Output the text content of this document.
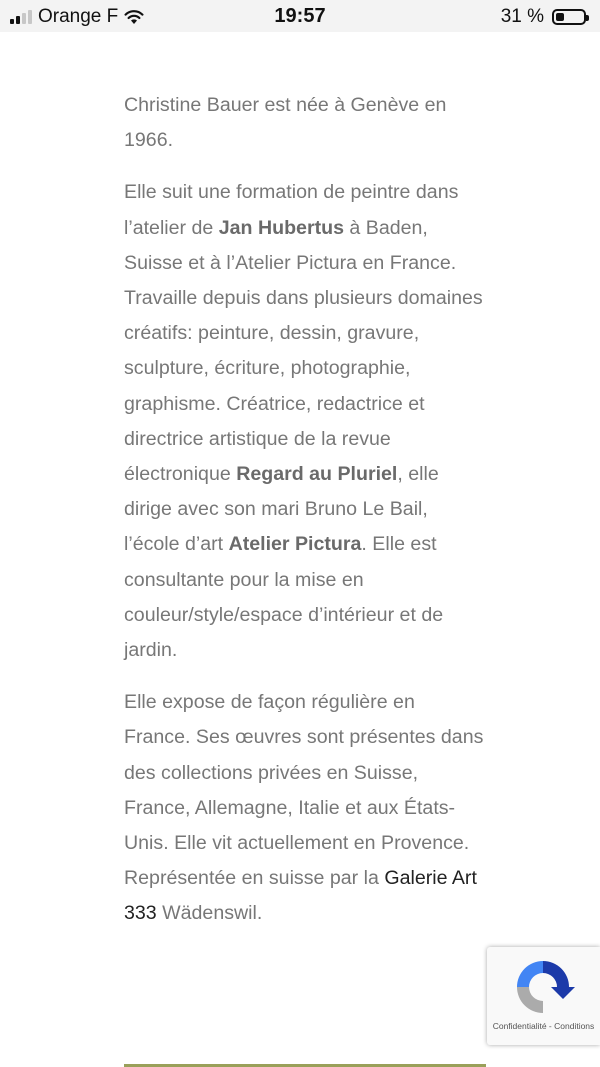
Orange F	19:57	31 %

Christine Bauer est née à Genève en 1966.

Elle suit une formation de peintre dans l’atelier de Jan Hubertus à Baden, Suisse et à l’Atelier Pictura en France. Travaille depuis dans plusieurs domaines créatifs: peinture, dessin, gravure, sculpture, écriture, photographie, graphisme. Créatrice, redactrice et directrice artistique de la revue électronique Regard au Pluriel, elle dirige avec son mari Bruno Le Bail, l’école d’art Atelier Pictura. Elle est consultante pour la mise en couleur/style/espace d’intérieur et de jardin.

Elle expose de façon régulière en France. Ses œuvres sont présentes dans des collections privées en Suisse, France, Allemagne, Italie et aux États-Unis. Elle vit actuellement en Provence. Représentée en suisse par la Galerie Art 333 Wädenswil.

Confidentialité - Conditions
